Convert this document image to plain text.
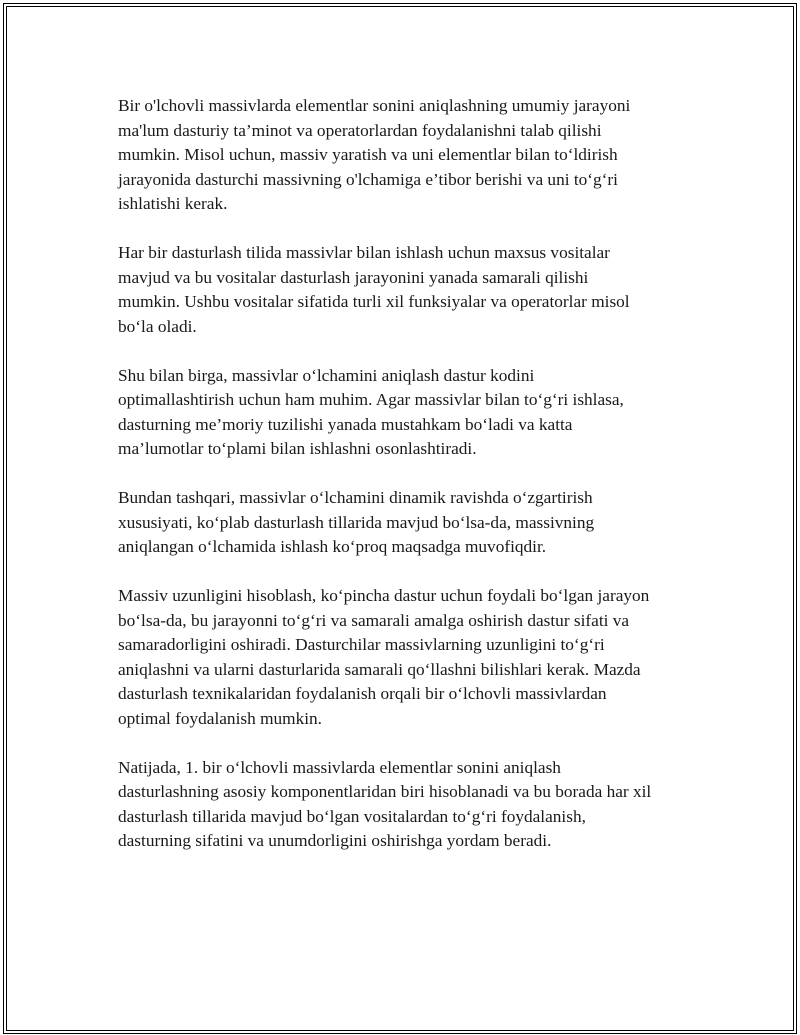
Bir o'lchovli massivlarda elementlar sonini aniqlashning umumiy jarayoni
ma'lum dasturiy ta’minot va operatorlardan foydalanishni talab qilishi
mumkin. Misol uchun, massiv yaratish va uni elementlar bilan to‘ldirish
jarayonida dasturchi massivning o'lchamiga e’tibor berishi va uni to‘g‘ri
ishlatishi kerak.

Har bir dasturlash tilida massivlar bilan ishlash uchun maxsus vositalar
mavjud va bu vositalar dasturlash jarayonini yanada samarali qilishi
mumkin. Ushbu vositalar sifatida turli xil funksiyalar va operatorlar misol
bo‘la oladi.

Shu bilan birga, massivlar o‘lchamini aniqlash dastur kodini
optimallashtirish uchun ham muhim. Agar massivlar bilan to‘g‘ri ishlasa,
dasturning me’moriy tuzilishi yanada mustahkam bo‘ladi va katta
ma’lumotlar to‘plami bilan ishlashni osonlashtiradi.

Bundan tashqari, massivlar o‘lchamini dinamik ravishda o‘zgartirish
xususiyati, ko‘plab dasturlash tillarida mavjud bo‘lsa-da, massivning
aniqlangan o‘lchamida ishlash ko‘proq maqsadga muvofiqdir.

Massiv uzunligini hisoblash, ko‘pincha dastur uchun foydali bo‘lgan jarayon
bo‘lsa-da, bu jarayonni to‘g‘ri va samarali amalga oshirish dastur sifati va
samaradorligini oshiradi. Dasturchilar massivlarning uzunligini to‘g‘ri
aniqlashni va ularni dasturlarida samarali qo‘llashni bilishlari kerak. Mazda
dasturlash texnikalaridan foydalanish orqali bir o‘lchovli massivlardan
optimal foydalanish mumkin.

Natijada, 1. bir o‘lchovli massivlarda elementlar sonini aniqlash
dasturlashning asosiy komponentlaridan biri hisoblanadi va bu borada har xil
dasturlash tillarida mavjud bo‘lgan vositalardan to‘g‘ri foydalanish,
dasturning sifatini va unumdorligini oshirishga yordam beradi.
